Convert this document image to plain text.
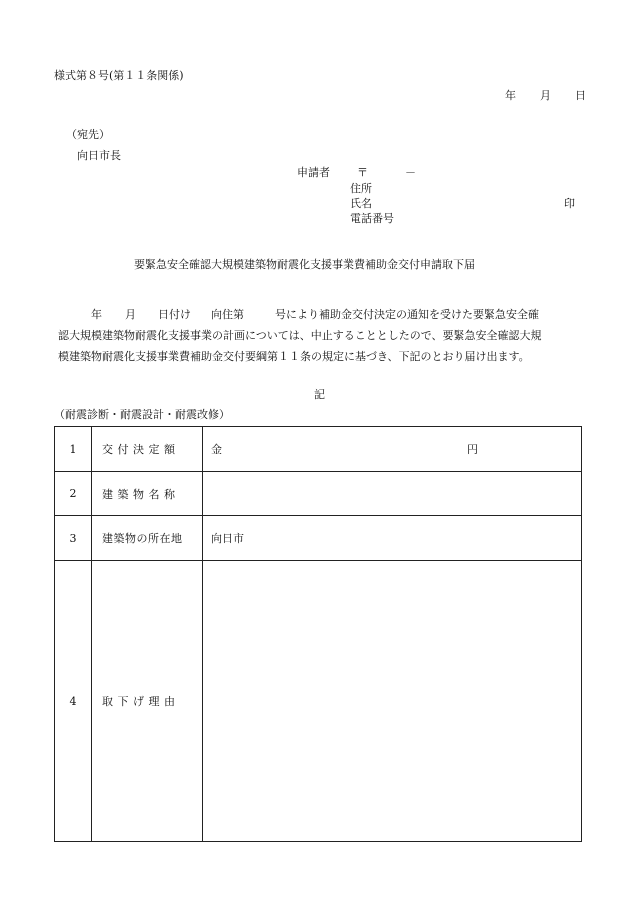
様式第８号(第１１条関係)
年 月 日
（宛先）
向日市長
申請者 〒	－
住所
氏名	印
電話番号
要緊急安全確認大規模建築物耐震化支援事業費補助金交付申請取下届
年 月 日付け 向住第	号により補助金交付決定の通知を受けた要緊急安全確
認大規模建築物耐震化支援事業の計画については、中止することとしたので、要緊急安全確認大規
模建築物耐震化支援事業費補助金交付要綱第１１条の規定に基づき、下記のとおり届け出ます。
記
（耐震診断・耐震設計・耐震改修）
1	交 付 決 定 額	金 円

2	建 築 物 名 称	
3	建築物の所在地	向日市
4	取 下 げ 理 由	
